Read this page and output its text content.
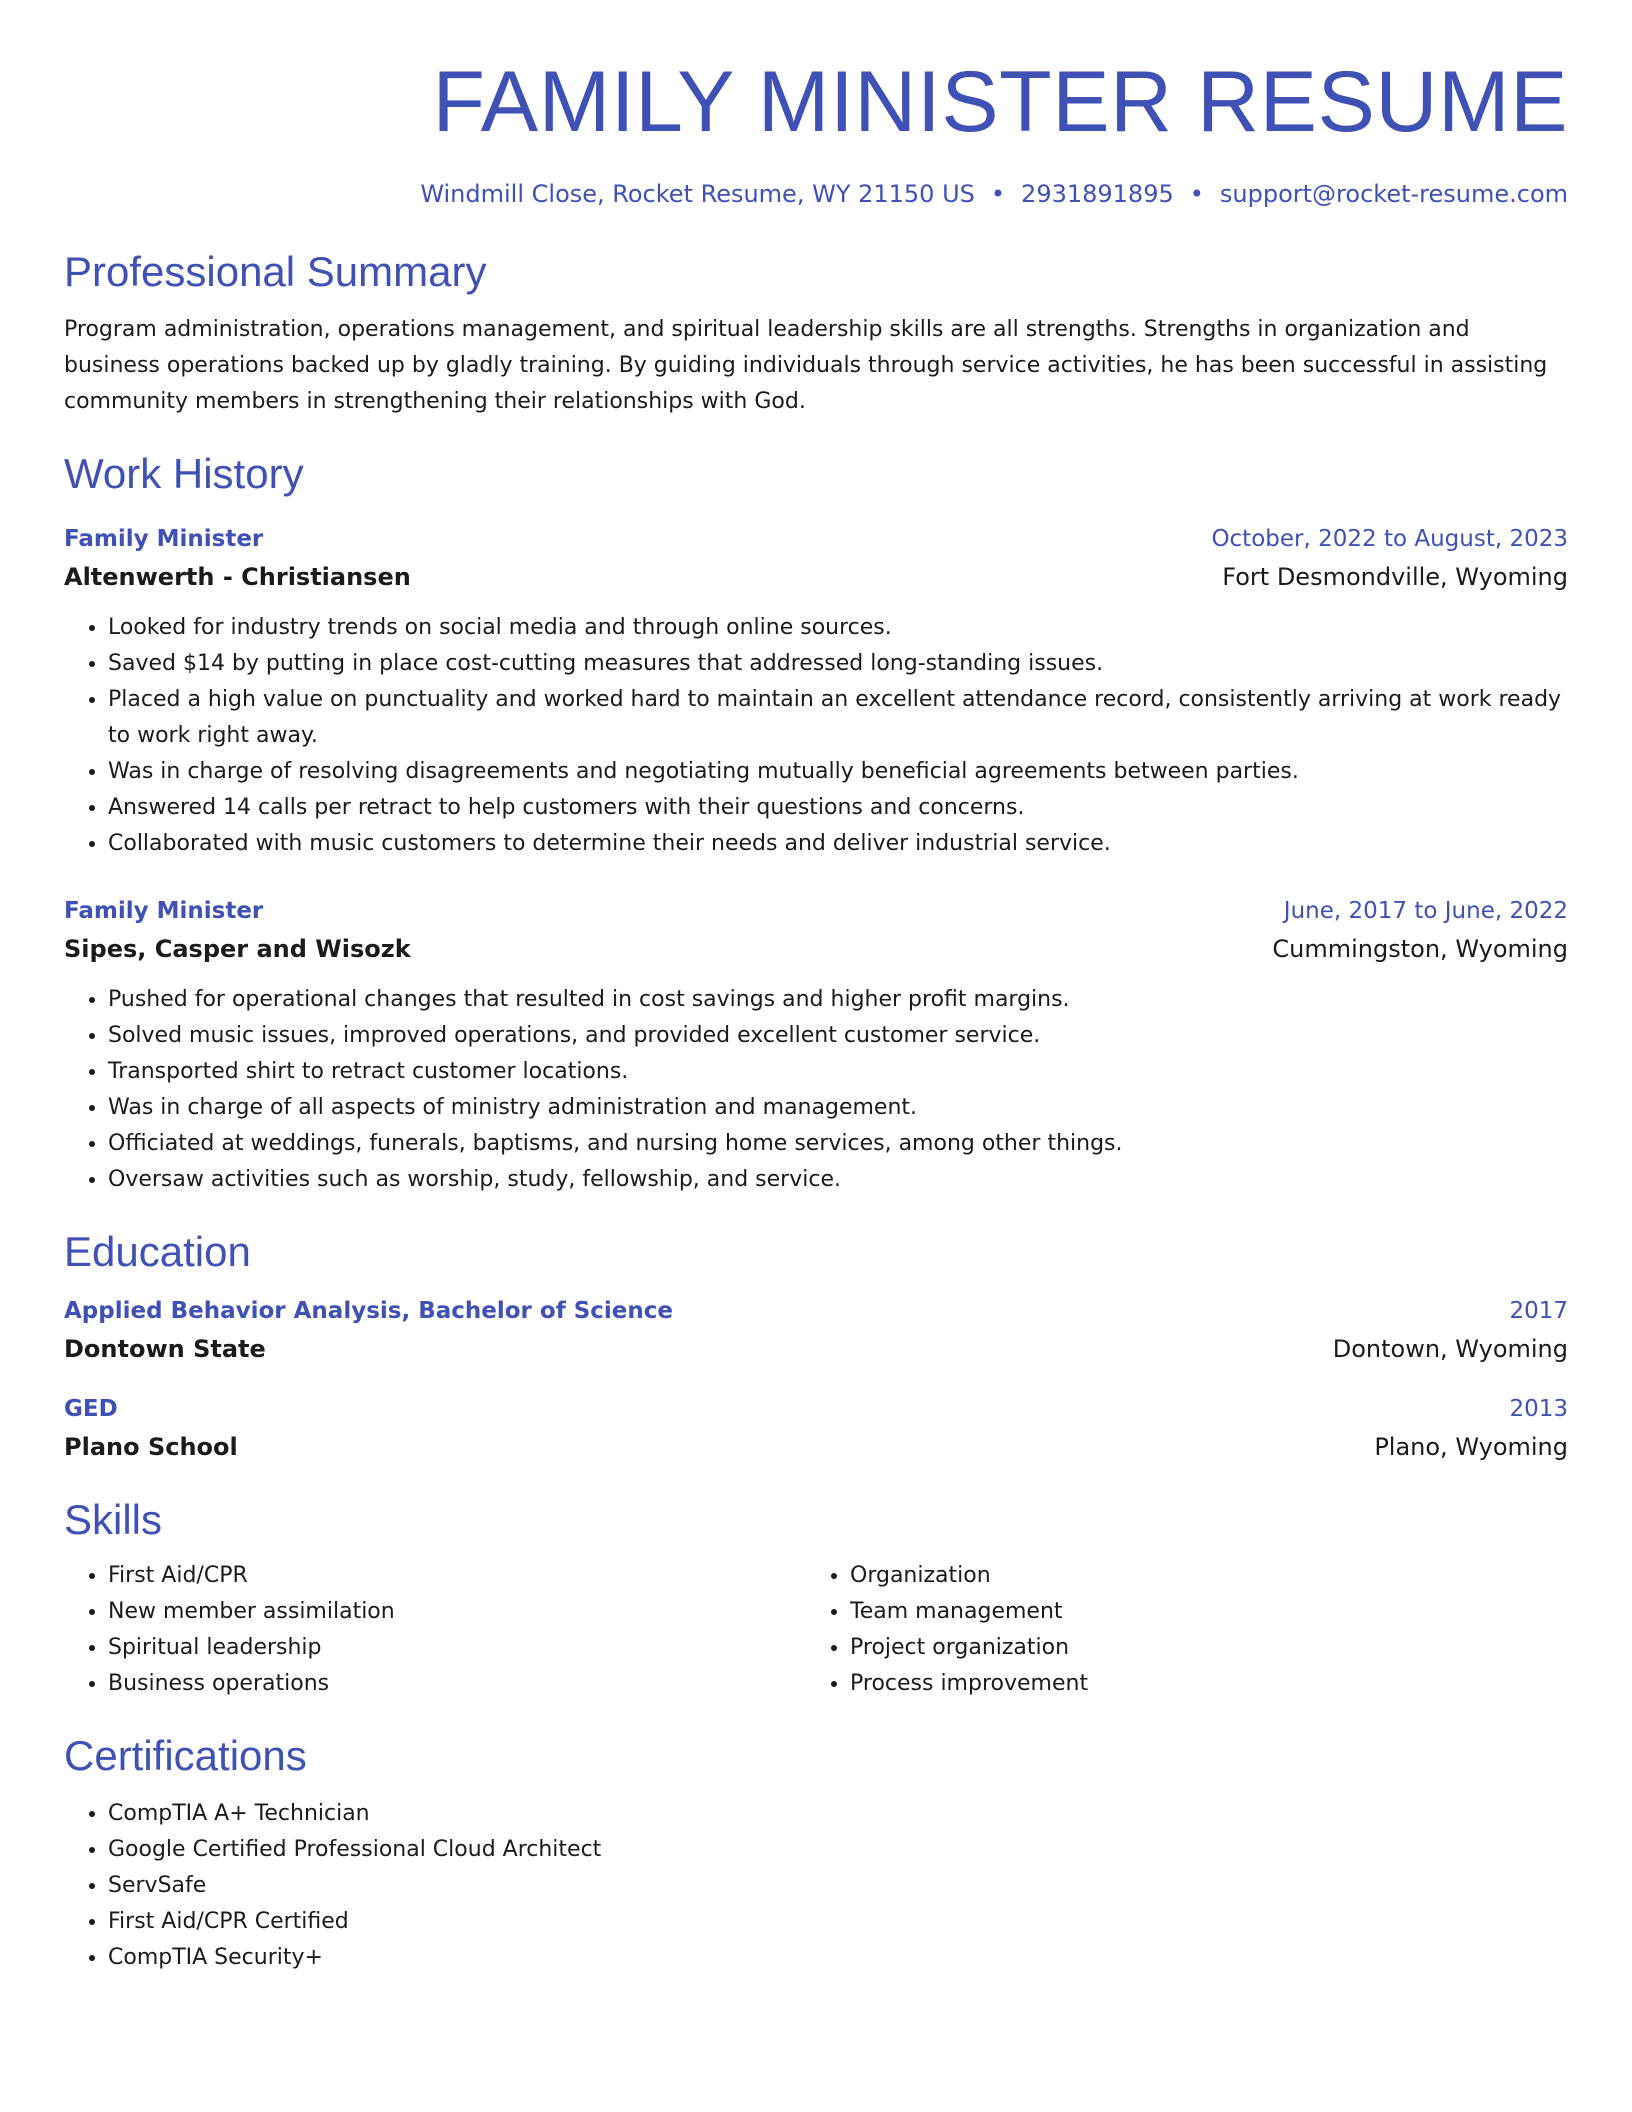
FAMILY MINISTER RESUME
Windmill Close, Rocket Resume, WY 21150 US • 2931891895 • support@rocket-resume.com
Professional Summary

Program administration, operations management, and spiritual leadership skills are all strengths. Strengths in organization and business operations backed up by gladly training. By guiding individuals through service activities, he has been successful in assisting community members in strengthening their relationships with God.

Work History
Family Minister	October, 2022 to August, 2023
Altenwerth - Christiansen	Fort Desmondville, Wyoming
• Looked for industry trends on social media and through online sources.
• Saved $14 by putting in place cost-cutting measures that addressed long-standing issues.
• Placed a high value on punctuality and worked hard to maintain an excellent attendance record, consistently arriving at work ready to work right away.
• Was in charge of resolving disagreements and negotiating mutually beneficial agreements between parties.
• Answered 14 calls per retract to help customers with their questions and concerns.
• Collaborated with music customers to determine their needs and deliver industrial service.
Family Minister	June, 2017 to June, 2022
Sipes, Casper and Wisozk	Cummingston, Wyoming
• Pushed for operational changes that resulted in cost savings and higher profit margins.
• Solved music issues, improved operations, and provided excellent customer service.
• Transported shirt to retract customer locations.
• Was in charge of all aspects of ministry administration and management.
• Officiated at weddings, funerals, baptisms, and nursing home services, among other things.
• Oversaw activities such as worship, study, fellowship, and service.
Education
Applied Behavior Analysis, Bachelor of Science	2017
Dontown State	Dontown, Wyoming
GED	2013
Plano School	Plano, Wyoming
Skills
• First Aid/CPR
• New member assimilation
• Spiritual leadership
• Business operations
• Organization
• Team management
• Project organization
• Process improvement
Certifications
• CompTIA A+ Technician
• Google Certified Professional Cloud Architect
• ServSafe
• First Aid/CPR Certified
• CompTIA Security+
